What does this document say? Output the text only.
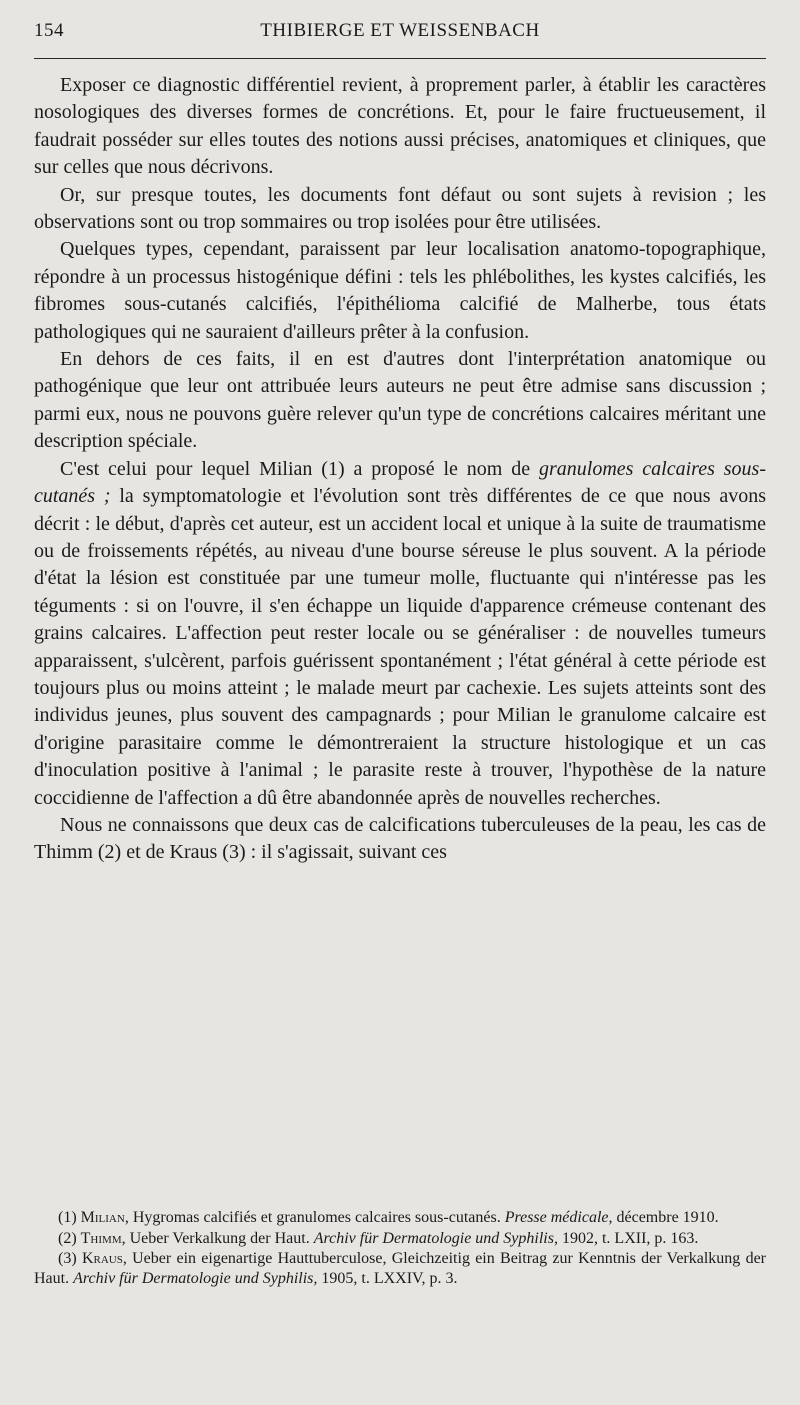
154	THIBIERGE ET WEISSENBACH

Exposer ce diagnostic différentiel revient, à proprement parler, à établir les caractères nosologiques des diverses formes de concrétions. Et, pour le faire fructueusement, il faudrait posséder sur elles toutes des notions aussi précises, anatomiques et cliniques, que sur celles que nous décrivons.

Or, sur presque toutes, les documents font défaut ou sont sujets à revision ; les observations sont ou trop sommaires ou trop isolées pour être utilisées.

Quelques types, cependant, paraissent par leur localisation anatomo-topographique, répondre à un processus histogénique défini : tels les phlébolithes, les kystes calcifiés, les fibromes sous-cutanés calcifiés, l'épithélioma calcifié de Malherbe, tous états pathologiques qui ne sauraient d'ailleurs prêter à la confusion.

En dehors de ces faits, il en est d'autres dont l'interprétation anatomique ou pathogénique que leur ont attribuée leurs auteurs ne peut être admise sans discussion ; parmi eux, nous ne pouvons guère relever qu'un type de concrétions calcaires méritant une description spéciale.

C'est celui pour lequel Milian (1) a proposé le nom de granulomes calcaires sous-cutanés ; la symptomatologie et l'évolution sont très différentes de ce que nous avons décrit : le début, d'après cet auteur, est un accident local et unique à la suite de traumatisme ou de froissements répétés, au niveau d'une bourse séreuse le plus souvent. A la période d'état la lésion est constituée par une tumeur molle, fluctuante qui n'intéresse pas les téguments : si on l'ouvre, il s'en échappe un liquide d'apparence crémeuse contenant des grains calcaires. L'affection peut rester locale ou se généraliser : de nouvelles tumeurs apparaissent, s'ulcèrent, parfois guérissent spontanément ; l'état général à cette période est toujours plus ou moins atteint ; le malade meurt par cachexie. Les sujets atteints sont des individus jeunes, plus souvent des campagnards ; pour Milian le granulome calcaire est d'origine parasitaire comme le démontreraient la structure histologique et un cas d'inoculation positive à l'animal ; le parasite reste à trouver, l'hypothèse de la nature coccidienne de l'affection a dû être abandonnée après de nouvelles recherches.

Nous ne connaissons que deux cas de calcifications tuberculeuses de la peau, les cas de Thimm (2) et de Kraus (3) : il s'agissait, suivant ces

(1) Milian, Hygromas calcifiés et granulomes calcaires sous-cutanés. Presse médicale, décembre 1910.

(2) Thimm, Ueber Verkalkung der Haut. Archiv für Dermatologie und Syphilis, 1902, t. LXII, p. 163.

(3) Kraus, Ueber ein eigenartige Hauttuberculose, Gleichzeitig ein Beitrag zur Kenntnis der Verkalkung der Haut. Archiv für Dermatologie und Syphilis, 1905, t. LXXIV, p. 3.
